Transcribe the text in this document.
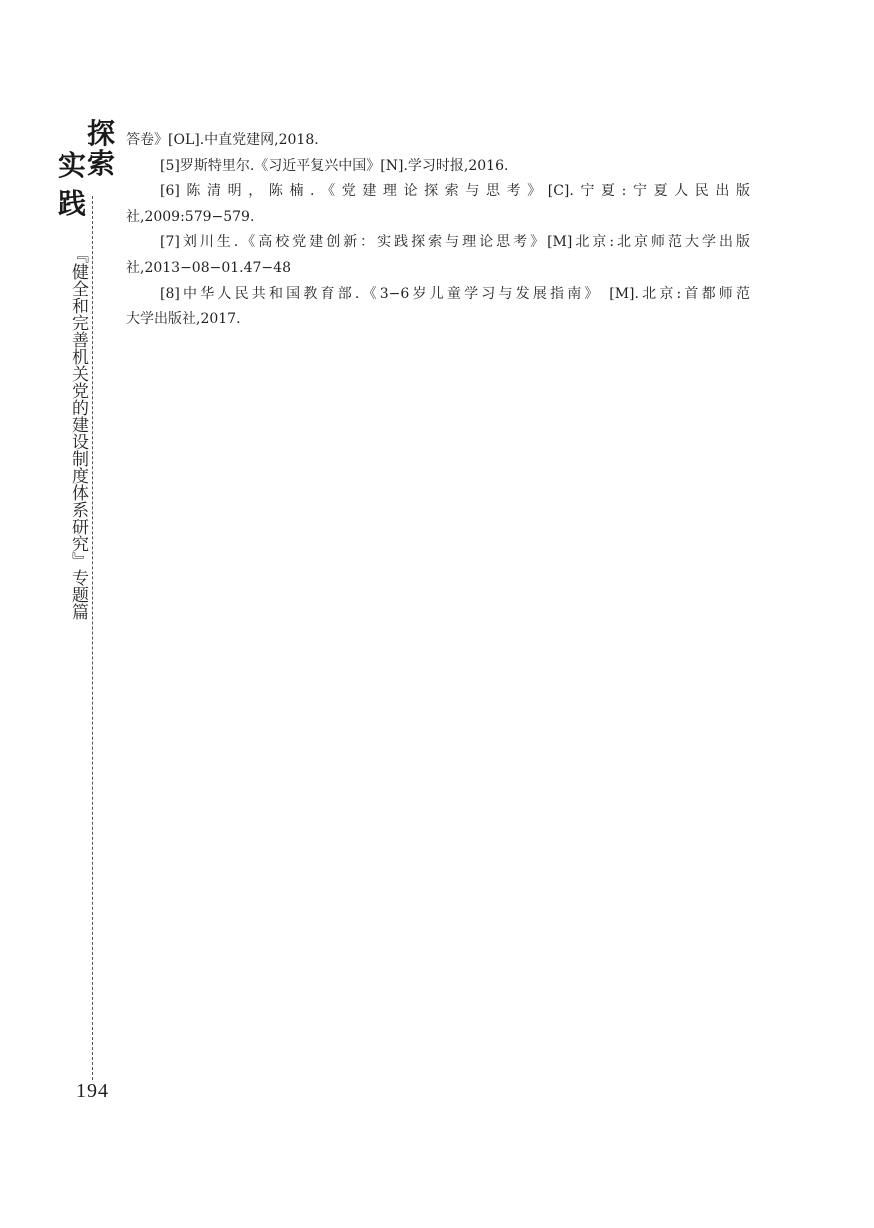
探
索
实
践
『健全和完善机关党的建设制度体系研究』专题篇

答卷》[OL].中直党建网,2018.

[5]罗斯特里尔.《习近平复兴中国》[N].学习时报,2016.

[6]陈清明，陈楠.《党建理论探索与思考》[C].宁夏:宁夏人民出版

社,2009:579−579.

[7]刘川生.《高校党建创新：实践探索与理论思考》[M]北京:北京师范大学出版

社,2013−08−01.47−48

[8]中华人民共和国教育部.《3−6岁儿童学习与发展指南》 [M].北京:首都师范

大学出版社,2017.

194
